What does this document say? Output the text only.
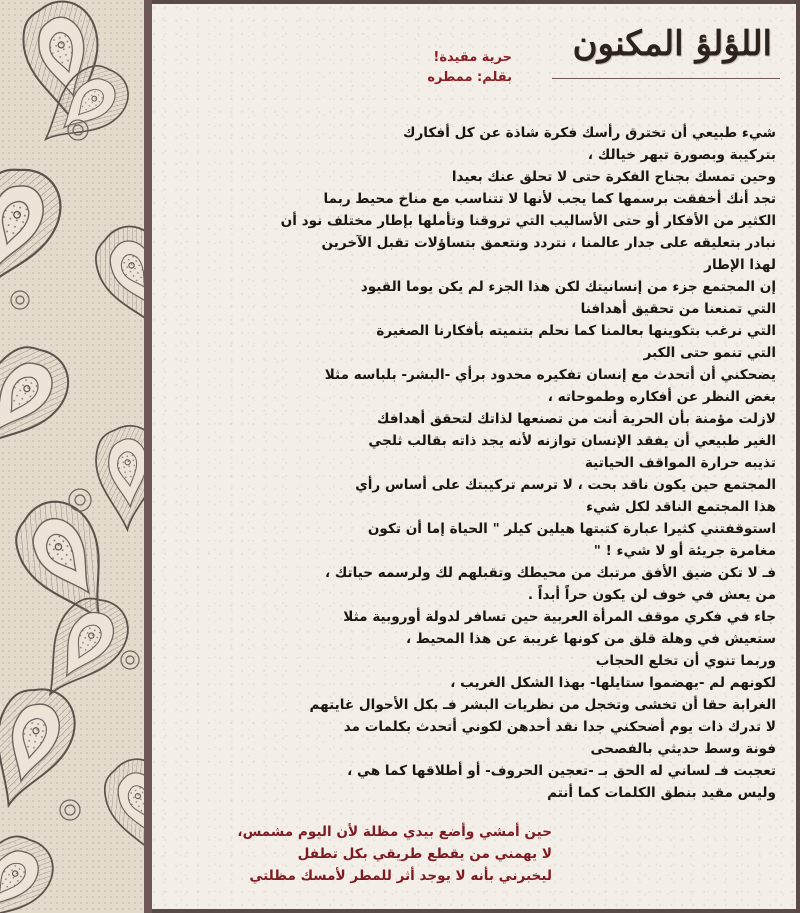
اللؤلؤ المكنون
حرية مقيدة!
بقلم: ممطره
شيء طبيعي أن تخترق رأسك فكرة شاذة عن كل أفكارك
بتركيبة وبصورة تبهر خيالك ،
وحين تمسك بجناح الفكرة حتى لا تحلق عنك بعيدا
تجد أنك أخفقت برسمها كما يجب لأنها لا تتناسب مع مناخ محيط ربما
الكثير من الأفكار أو حتى الأساليب التي تروقنا وتأملها بإطار مختلف نود أن
نبادر بتعليقه على جدار عالمنا ، نتردد ونتعمق بتساؤلات تقبل الآخرين
لهذا الإطار
إن المجتمع جزء من إنسانيتك لكن هذا الجزء لم يكن يوما القيود
التي تمنعنا من تحقيق أهدافنا
التي نرغب بتكوينها بعالمنا كما نحلم بتنميته بأفكارنا الصغيرة
التي تنمو حتى الكبر
يضحكني أن أتحدث مع إنسان تفكيره محدود برأي -البشر- بلباسه مثلا
بغض النظر عن أفكاره وطموحاته ،
لازلت مؤمنة بأن الحرية أنت من تصنعها لذاتك لتحقق أهدافك
الغير طبيعي أن يفقد الإنسان توازنه لأنه يجد ذاته بقالب ثلجي
تذيبه حرارة المواقف الحياتية
المجتمع حين يكون ناقد بحت ، لا ترسم تركيبتك على أساس رأي
هذا المجتمع الناقد لكل شيء
استوقفتني كثيرا عبارة كتبتها هيلين كيلر " الحياة إما أن تكون
مغامرة جريئة أو لا شيء ! "
فـ لا تكن ضيق الأفق مرتبك من محيطك وتقبلهم لك ولرسمه حياتك ،
من يعش في خوف لن يكون حراً أبداً .
جاء في فكري موقف المرأة العربية حين تسافر لدولة أوروبية مثلا
ستعيش في وهلة قلق من كونها غريبة عن هذا المحيط ،
وربما تنوي أن تخلع الحجاب
لكونهم لم -يهضموا ستايلها- بهذا الشكل الغريب ،
الغرابة حقا أن تخشى وتخجل من نظريات البشر فـ بكل الأحوال غايتهم
لا تدرك ذات يوم أضحكني جدا نقد أحدهن لكوني أتحدث بكلمات مد
فونة وسط حديثي بالفصحى
تعجبت فـ لساني له الحق بـ -تعجين الحروف- أو أطلاقها كما هي ،
وليس مقيد بنطق الكلمات كما أنتم
حين أمشي وأضع بيدي مظلة لأن اليوم مشمس،
لا يهمني من يقطع طريقي بكل تطفل
ليخبرني بأنه لا يوجد أثر للمطر لأمسك مظلتي
